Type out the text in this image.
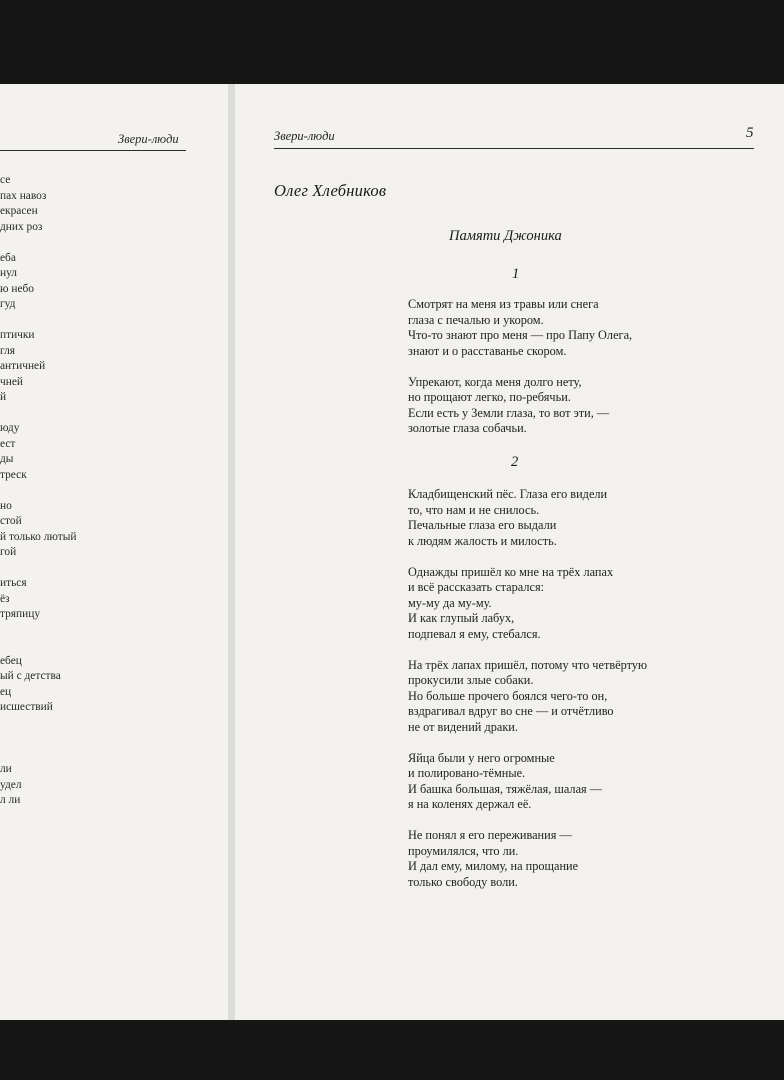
Звери-люди
се
пах навоз
екрасен
дних роз
еба
нул
ю небо
гуд
птички
гля
античней
чней
й
юду
ест
ды
треск
но
стой
й только лютый
гой
иться
ёз
тряпицу
ебец
ый с детства
ец
исшествий
ли
удел
л ли
Звери-люди	5
Олег Хлебников
Памяти Джоника
1
Смотрят на меня из травы или снега
глаза с печалью и укором.
Что-то знают про меня — про Папу Олега,
знают и о расставанье скором.
Упрекают, когда меня долго нету,
но прощают легко, по-ребячьи.
Если есть у Земли глаза, то вот эти, —
золотые глаза собачьи.
2
Кладбищенский пёс. Глаза его видели
то, что нам и не снилось.
Печальные глаза его выдали
к людям жалость и милость.
Однажды пришёл ко мне на трёх лапах
и всё рассказать старался:
му-му да му-му.
И как глупый лабух,
подпевал я ему, стебался.
На трёх лапах пришёл, потому что четвёртую
прокусили злые собаки.
Но больше прочего боялся чего-то он,
вздрагивал вдруг во сне — и отчётливо
не от видений драки.
Яйца были у него огромные
и полировано-тёмные.
И башка большая, тяжёлая, шалая —
я на коленях держал её.
Не понял я его переживания —
проумилялся, что ли.
И дал ему, милому, на прощание
только свободу воли.
